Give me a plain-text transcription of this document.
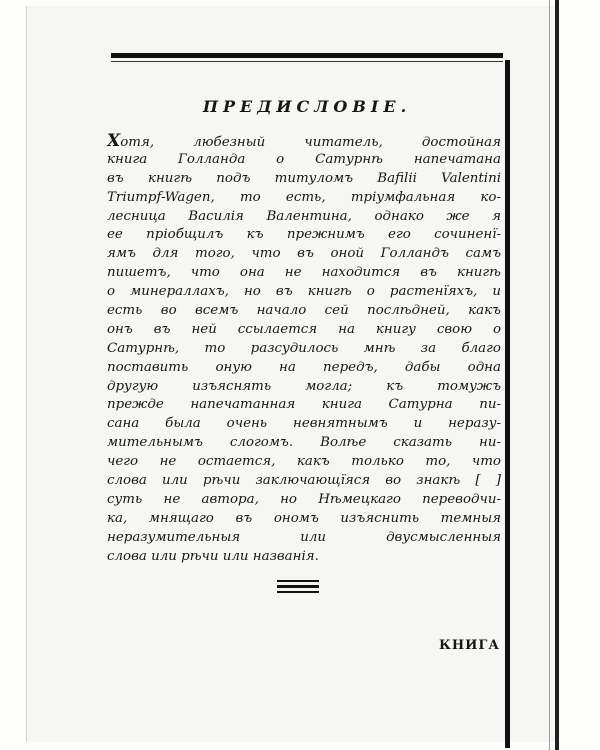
ПРЕДИСЛОВІЕ.
Хотя, любезный читатель, достойная
книга Голланда о Сатурнѣ напечатана
въ книгѣ подъ титуломъ Bafilii Valentini
Triumpf-Wagen, то есть, тріумфальная ко-
лесница Василія Валентина, однако же я
ее пріобщилъ къ прежнимъ его сочиненї-
ямъ для того, что въ оной Голландъ самъ
пишетъ, что она не находится въ книгѣ
о минераллахъ, но въ книгѣ о растенїяхъ, и
есть во всемъ начало сей послѣдней, какъ
онъ въ ней ссылается на книгу свою о
Сатурнѣ, то разсудилось мнѣ за благо
поставить оную на передъ, дабы одна
другую изъяснять могла; къ томужъ
прежде напечатанная книга Сатурна пи-
сана была очень невнятнымъ и неразу-
мительнымъ слогомъ. Волѣе сказать ни-
чего не остается, какъ только то, что
слова или рѣчи заключающїяся во знакѣ [ ]
суть не автора, но Нѣмецкаго переводчи-
ка, мнящаго въ ономъ изъяснить темныя
неразумительныя или двусмысленныя
слова или рѣчи или названія.
КНИГА
